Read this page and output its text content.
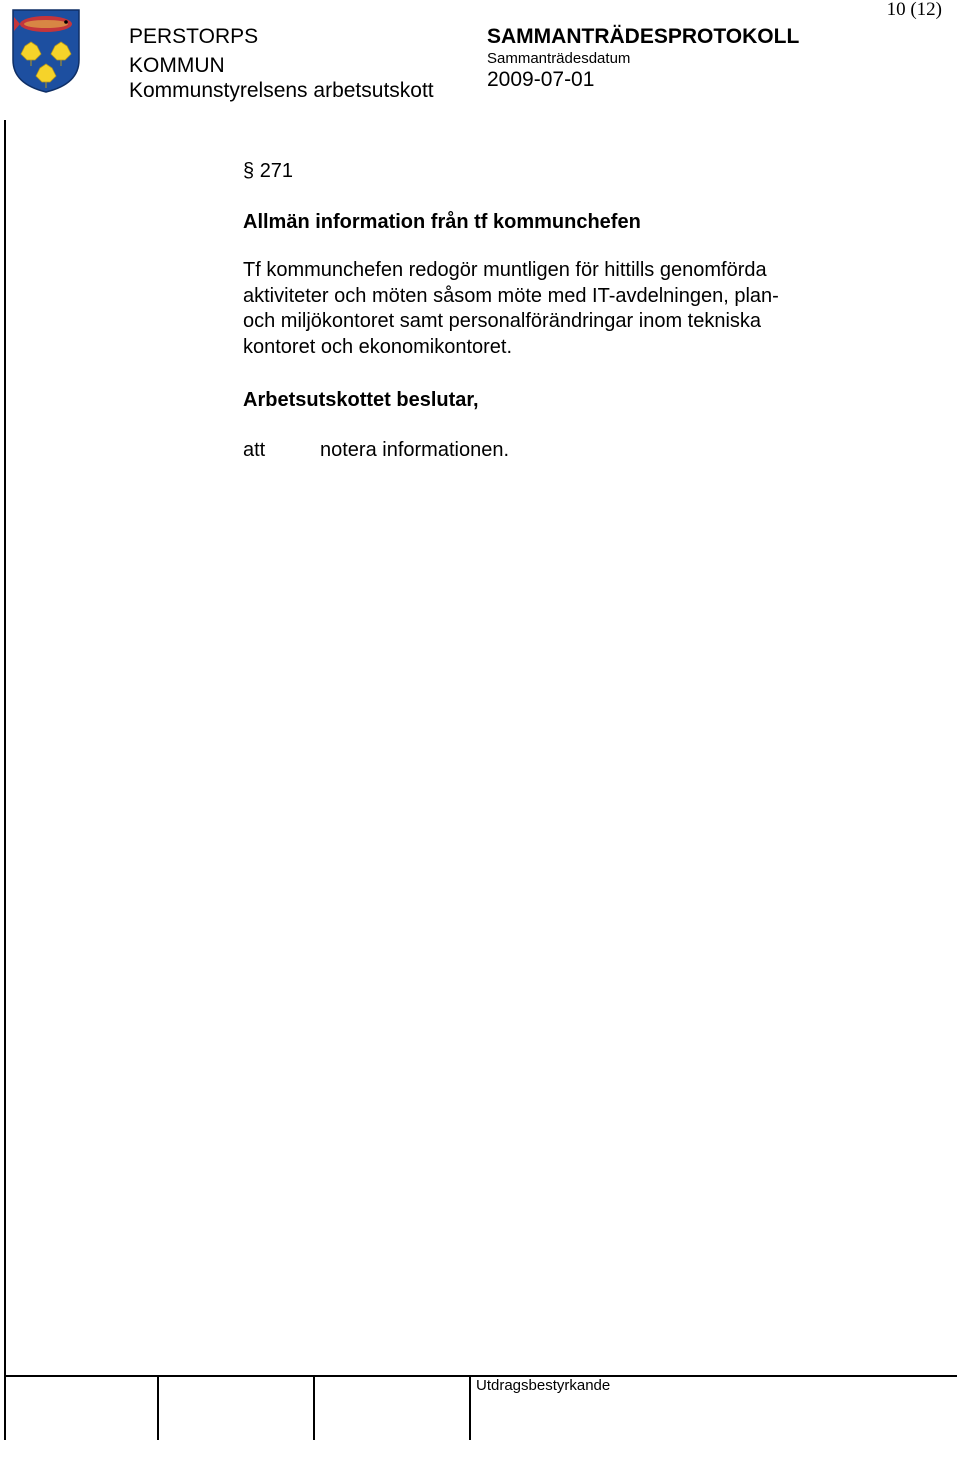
10 (12)
PERSTORPS
KOMMUN
Kommunstyrelsens arbetsutskott
SAMMANTRÄDESPROTOKOLL
Sammanträdesdatum
2009-07-01
§ 271
Allmän information från tf kommunchefen
Tf kommunchefen redogör muntligen för hittills genomförda
aktiviteter och möten såsom möte med IT-avdelningen, plan-
och miljökontoret samt personalförändringar inom tekniska
kontoret och ekonomikontoret.
Arbetsutskottet beslutar,
att	notera informationen.
Utdragsbestyrkande
